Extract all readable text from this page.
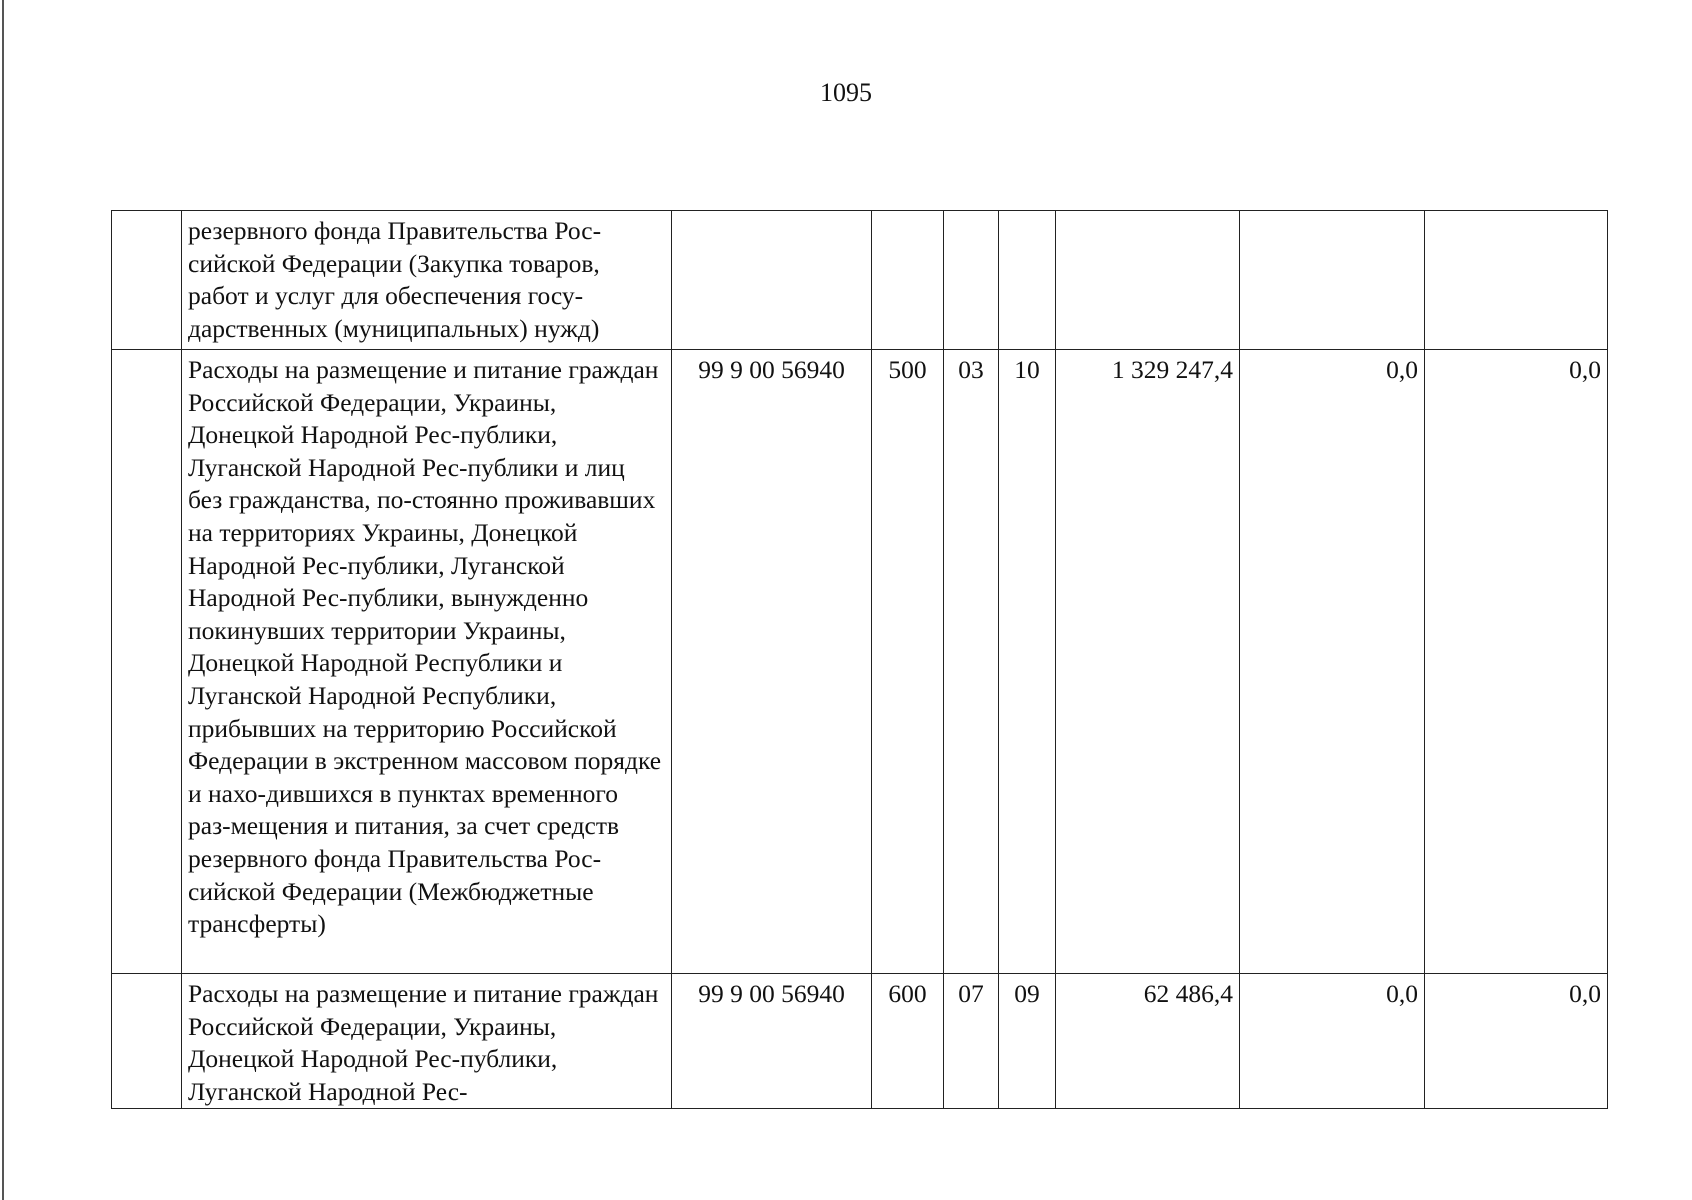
1095
	резервного фонда Правительства Рос-сийской Федерации (Закупка товаров, работ и услуг для обеспечения госу-дарственных (муниципальных) нужд)							
	Расходы на размещение и питание граждан Российской Федерации, Украины, Донецкой Народной Рес-публики, Луганской Народной Рес-публики и лиц без гражданства, по-стоянно проживавших на территориях Украины, Донецкой Народной Рес-публики, Луганской Народной Рес-публики, вынужденно покинувших территории Украины, Донецкой Народной Республики и Луганской Народной Республики, прибывших на территорию Российской Федерации в экстренном массовом порядке и нахо-дившихся в пунктах временного раз-мещения и питания, за счет средств резервного фонда Правительства Рос-сийской Федерации (Межбюджетные трансферты)	99 9 00 56940	500	03	10	1 329 247,4	0,0	0,0
	Расходы на размещение и питание граждан Российской Федерации, Украины, Донецкой Народной Рес-публики, Луганской Народной Рес-	99 9 00 56940	600	07	09	62 486,4	0,0	0,0
